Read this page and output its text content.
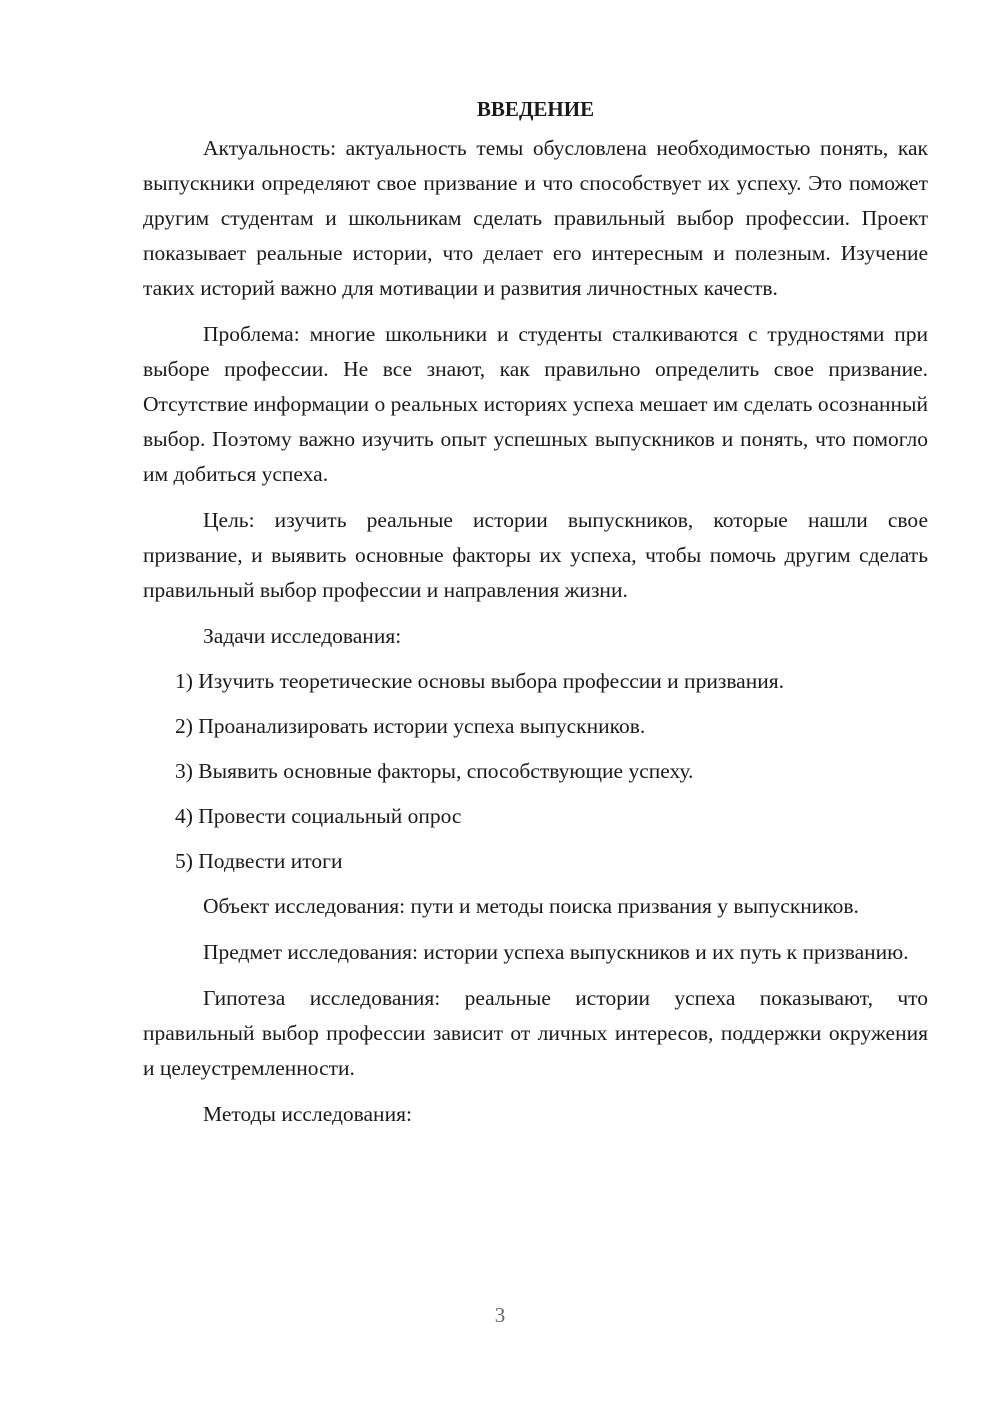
ВВЕДЕНИЕ

Актуальность: актуальность темы обусловлена необходимостью понять, как выпускники определяют свое призвание и что способствует их успеху. Это поможет другим студентам и школьникам сделать правильный выбор профессии. Проект показывает реальные истории, что делает его интересным и полезным. Изучение таких историй важно для мотивации и развития личностных качеств.

Проблема: многие школьники и студенты сталкиваются с трудностями при выборе профессии. Не все знают, как правильно определить свое призвание. Отсутствие информации о реальных историях успеха мешает им сделать осознанный выбор. Поэтому важно изучить опыт успешных выпускников и понять, что помогло им добиться успеха.

Цель: изучить реальные истории выпускников, которые нашли свое призвание, и выявить основные факторы их успеха, чтобы помочь другим сделать правильный выбор профессии и направления жизни.

Задачи исследования:

1) Изучить теоретические основы выбора профессии и призвания.
2) Проанализировать истории успеха выпускников.
3) Выявить основные факторы, способствующие успеху.
4) Провести социальный опрос
5) Подвести итоги

Объект исследования: пути и методы поиска призвания у выпускников.

Предмет исследования: истории успеха выпускников и их путь к призванию.

Гипотеза исследования: реальные истории успеха показывают, что правильный выбор профессии зависит от личных интересов, поддержки окружения и целеустремленности.

Методы исследования:

3
